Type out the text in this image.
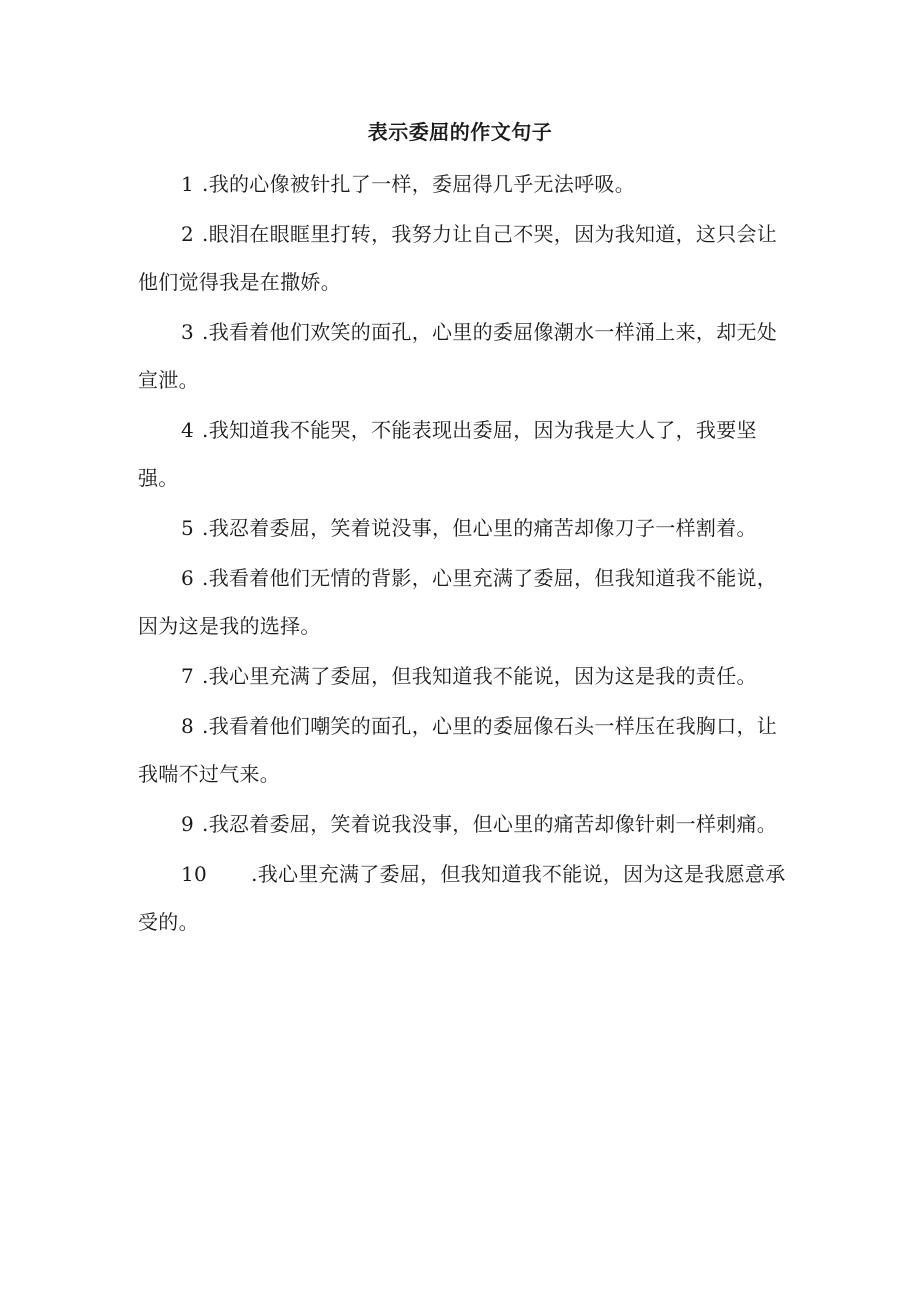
表示委屈的作文句子

1 .我的心像被针扎了一样，委屈得几乎无法呼吸。

2 .眼泪在眼眶里打转，我努力让自己不哭，因为我知道，这只会让他们觉得我是在撒娇。

3 .我看着他们欢笑的面孔，心里的委屈像潮水一样涌上来，却无处宣泄。

4 .我知道我不能哭，不能表现出委屈，因为我是大人了，我要坚强。

5 .我忍着委屈，笑着说没事，但心里的痛苦却像刀子一样割着。

6 .我看着他们无情的背影，心里充满了委屈，但我知道我不能说，因为这是我的选择。

7 .我心里充满了委屈，但我知道我不能说，因为这是我的责任。

8 .我看着他们嘲笑的面孔，心里的委屈像石头一样压在我胸口，让我喘不过气来。

9 .我忍着委屈，笑着说我没事，但心里的痛苦却像针刺一样刺痛。

10 .我心里充满了委屈，但我知道我不能说，因为这是我愿意承受的。
